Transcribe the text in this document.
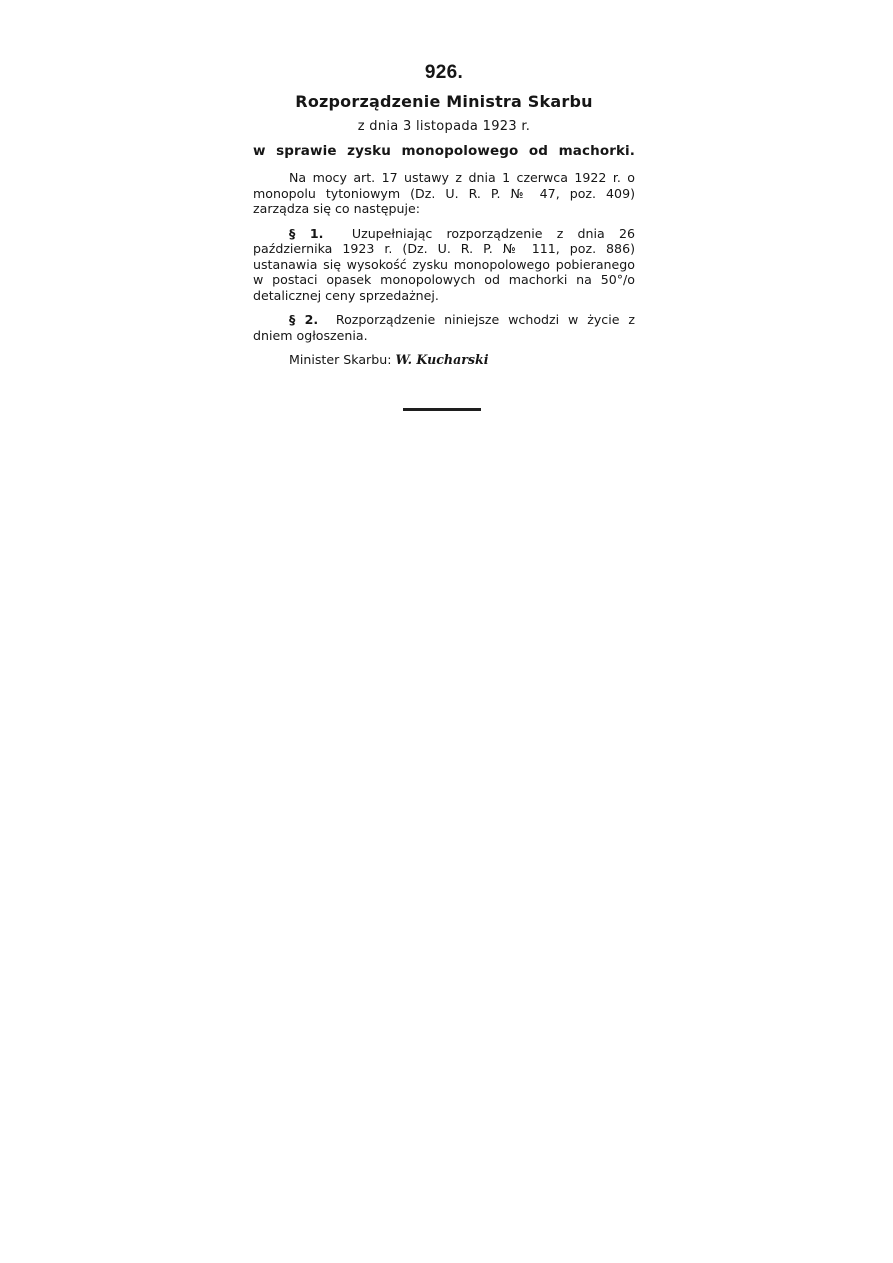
926.
Rozporządzenie Ministra Skarbu
z dnia 3 listopada 1923 r.
w sprawie zysku monopolowego od machorki.

Na mocy art. 17 ustawy z dnia 1 czerwca 1922 r. o monopolu tytoniowym (Dz. U. R. P. № 47, poz. 409) zarządza się co następuje:

§ 1. Uzupełniając rozporządzenie z dnia 26 października 1923 r. (Dz. U. R. P. № 111, poz. 886) ustanawia się wysokość zysku monopolowego pobieranego w postaci opasek monopolowych od machorki na 50°/o detalicznej ceny sprzedażnej.

§ 2. Rozporządzenie niniejsze wchodzi w życie z dniem ogłoszenia.

Minister Skarbu: W. Kucharski
